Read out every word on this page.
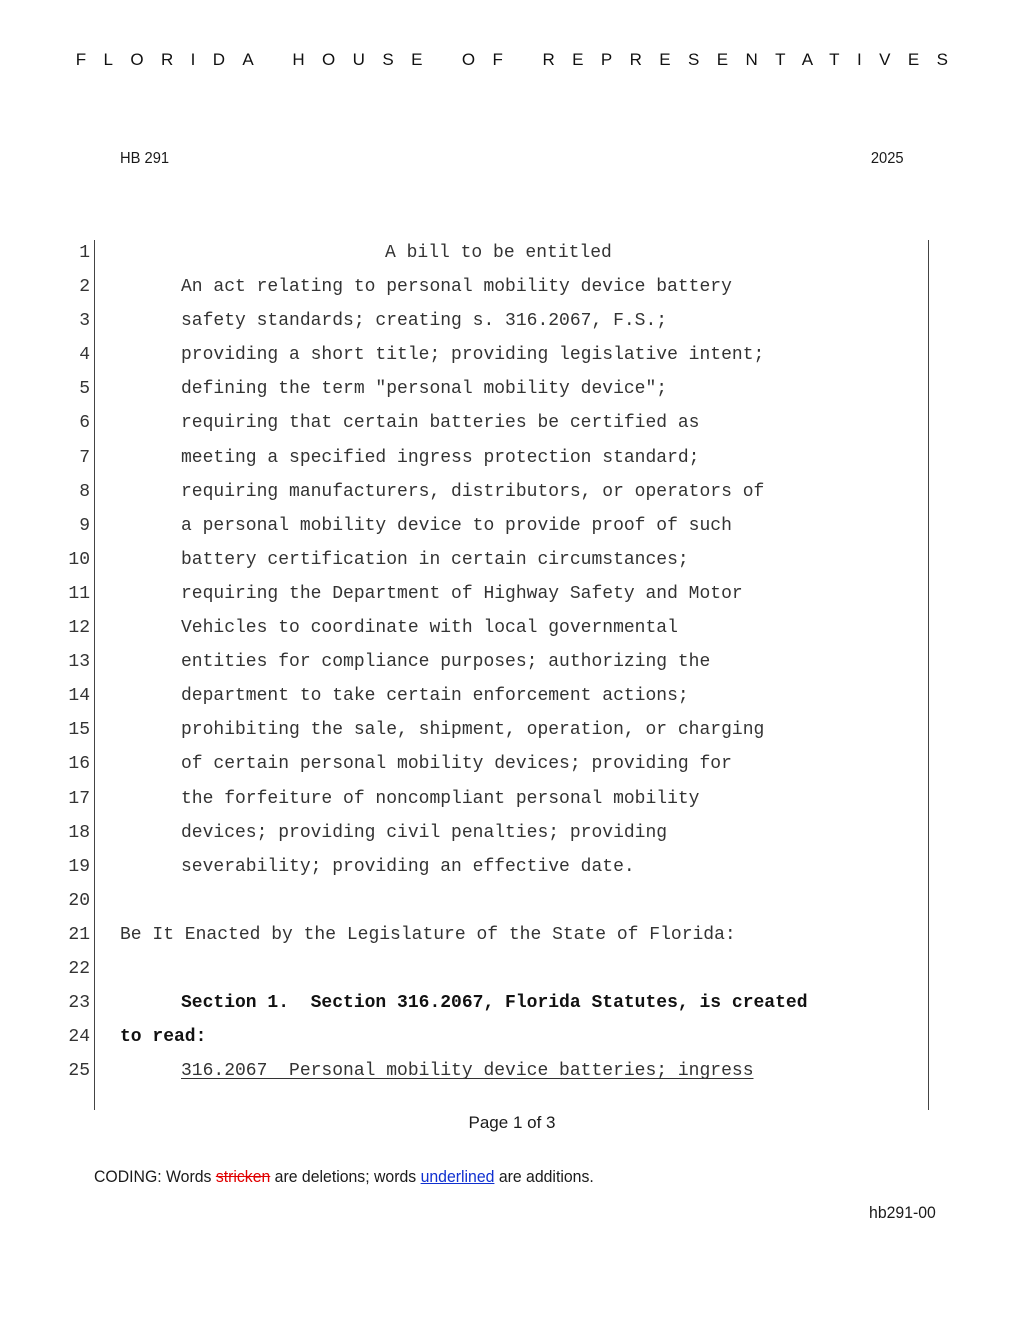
FLORIDA HOUSE OF REPRESENTATIVES
HB 291	2025
1	A bill to be entitled
2	An act relating to personal mobility device battery
3	safety standards; creating s. 316.2067, F.S.;
4	providing a short title; providing legislative intent;
5	defining the term "personal mobility device";
6	requiring that certain batteries be certified as
7	meeting a specified ingress protection standard;
8	requiring manufacturers, distributors, or operators of
9	a personal mobility device to provide proof of such
10	battery certification in certain circumstances;
11	requiring the Department of Highway Safety and Motor
12	Vehicles to coordinate with local governmental
13	entities for compliance purposes; authorizing the
14	department to take certain enforcement actions;
15	prohibiting the sale, shipment, operation, or charging
16	of certain personal mobility devices; providing for
17	the forfeiture of noncompliant personal mobility
18	devices; providing civil penalties; providing
19	severability; providing an effective date.
20
21 Be It Enacted by the Legislature of the State of Florida:
22
23	Section 1.  Section 316.2067, Florida Statutes, is created
24 to read:
25	316.2067  Personal mobility device batteries; ingress
Page 1 of 3
CODING: Words stricken are deletions; words underlined are additions.
hb291-00
